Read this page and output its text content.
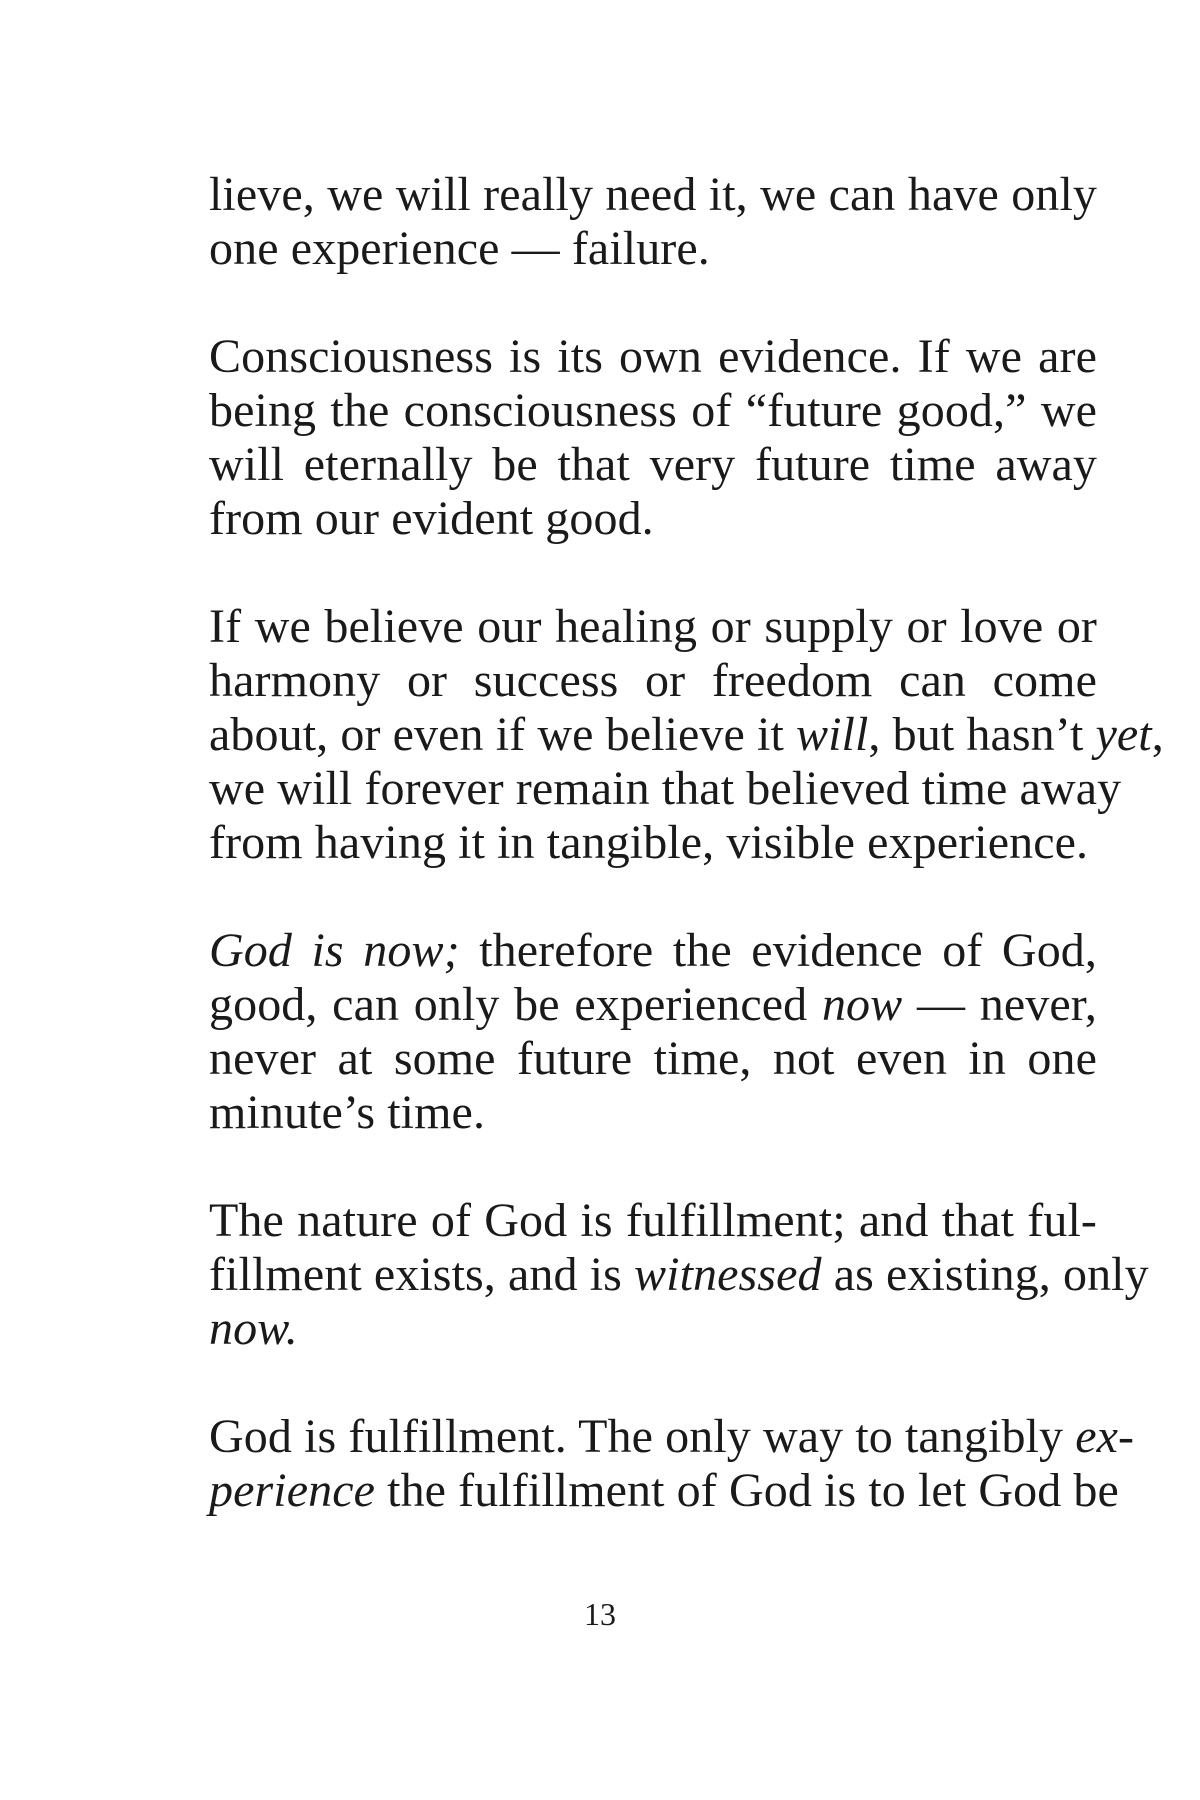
lieve, we will really need it, we can have only
one experience — failure.
Consciousness is its own evidence. If we are
being the consciousness of “future good,” we
will eternally be that very future time away
from our evident good.
If we believe our healing or supply or love or
harmony or success or freedom can come
about, or even if we believe it will, but hasn’t yet,
we will forever remain that believed time away
from having it in tangible, visible experience.
God is now; therefore the evidence of God,
good, can only be experienced now — never,
never at some future time, not even in one
minute’s time.
The nature of God is fulfillment; and that ful-
fillment exists, and is witnessed as existing, only
now.
God is fulfillment. The only way to tangibly ex-
perience the fulfillment of God is to let God be
13
